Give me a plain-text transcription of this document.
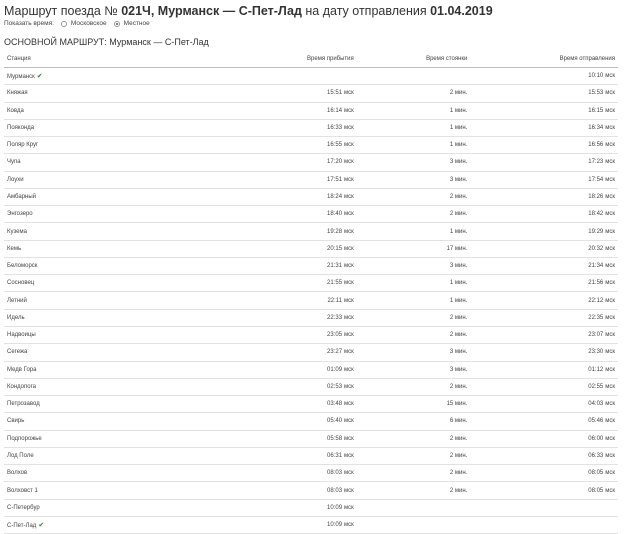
Маршрут поезда № 021Ч, Мурманск — С-Пет-Лад на дату отправления 01.04.2019
Показать время:	Московское	Местное
ОСНОВНОЙ МАРШРУТ: Мурманск — С-Пет-Лад
Станция	Время прибытия	Время стоянки	Время отправления
Мурманск ✔			10:10 мск
Княжая	15:51 мск	2 мин.	15:53 мск
Ковда	16:14 мск	1 мин.	16:15 мск
Пояконда	16:33 мск	1 мин.	16:34 мск
Поляр Круг	16:55 мск	1 мин.	16:56 мск
Чупа	17:20 мск	3 мин.	17:23 мск
Лоухи	17:51 мск	3 мин.	17:54 мск
Амбарный	18:24 мск	2 мин.	18:26 мск
Энгозеро	18:40 мск	2 мин.	18:42 мск
Кузема	19:28 мск	1 мин.	19:29 мск
Кемь	20:15 мск	17 мин.	20:32 мск
Беломорск	21:31 мск	3 мин.	21:34 мск
Сосновец	21:55 мск	1 мин.	21:56 мск
Летний	22:11 мск	1 мин.	22:12 мск
Идель	22:33 мск	2 мин.	22:35 мск
Надвоицы	23:05 мск	2 мин.	23:07 мск
Сегежа	23:27 мск	3 мин.	23:30 мск
Медв Гора	01:09 мск	3 мин.	01:12 мск
Кондопога	02:53 мск	2 мин.	02:55 мск
Петрозавод	03:48 мск	15 мин.	04:03 мск
Свирь	05:40 мск	6 мин.	05:46 мск
Подпорожье	05:58 мск	2 мин.	06:00 мск
Лод Поле	06:31 мск	2 мин.	06:33 мск
Волхов	08:03 мск	2 мин.	08:05 мск
Волховст 1	08:03 мск	2 мин.	08:05 мск
С-Петербур	10:09 мск		
С-Пет-Лад ✔	10:09 мск		
